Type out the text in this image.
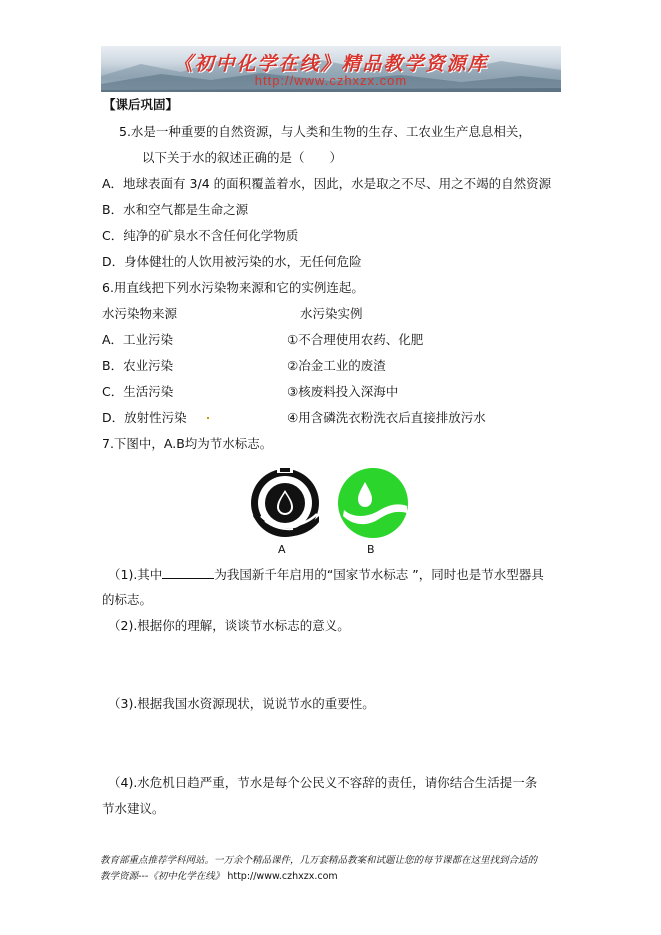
《初中化学在线》精品教学资源库
http://www.czhxzx.com
【课后巩固】
5.水是一种重要的自然资源，与人类和生物的生存、工农业生产息息相关，
以下关于水的叙述正确的是（　　）
A．地球表面有 3/4 的面积覆盖着水，因此，水是取之不尽、用之不竭的自然资源
B．水和空气都是生命之源
C．纯净的矿泉水不含任何化学物质
D．身体健壮的人饮用被污染的水，无任何危险
6.用直线把下列水污染物来源和它的实例连起。
水污染物来源	水污染实例
A．工业污染	①不合理使用农药、化肥
B．农业污染	②冶金工业的废渣
C．生活污染	③核废料投入深海中
D．放射性污染	④用含磷洗衣粉洗衣后直接排放污水
7.下图中，A.B均为节水标志。
A	B
（1).其中	为我国新千年启用的“国家节水标志 ”，同时也是节水型器具
的标志。
（2).根据你的理解，谈谈节水标志的意义。
（3).根据我国水资源现状，说说节水的重要性。
（4).水危机日趋严重，节水是每个公民义不容辞的责任，请你结合生活提一条
节水建议。
教育部重点推荐学科网站。一万余个精品课件，几万套精品教案和试题让您的每节课都在这里找到合适的
教学资源---《初中化学在线》 http://www.czhxzx.com
